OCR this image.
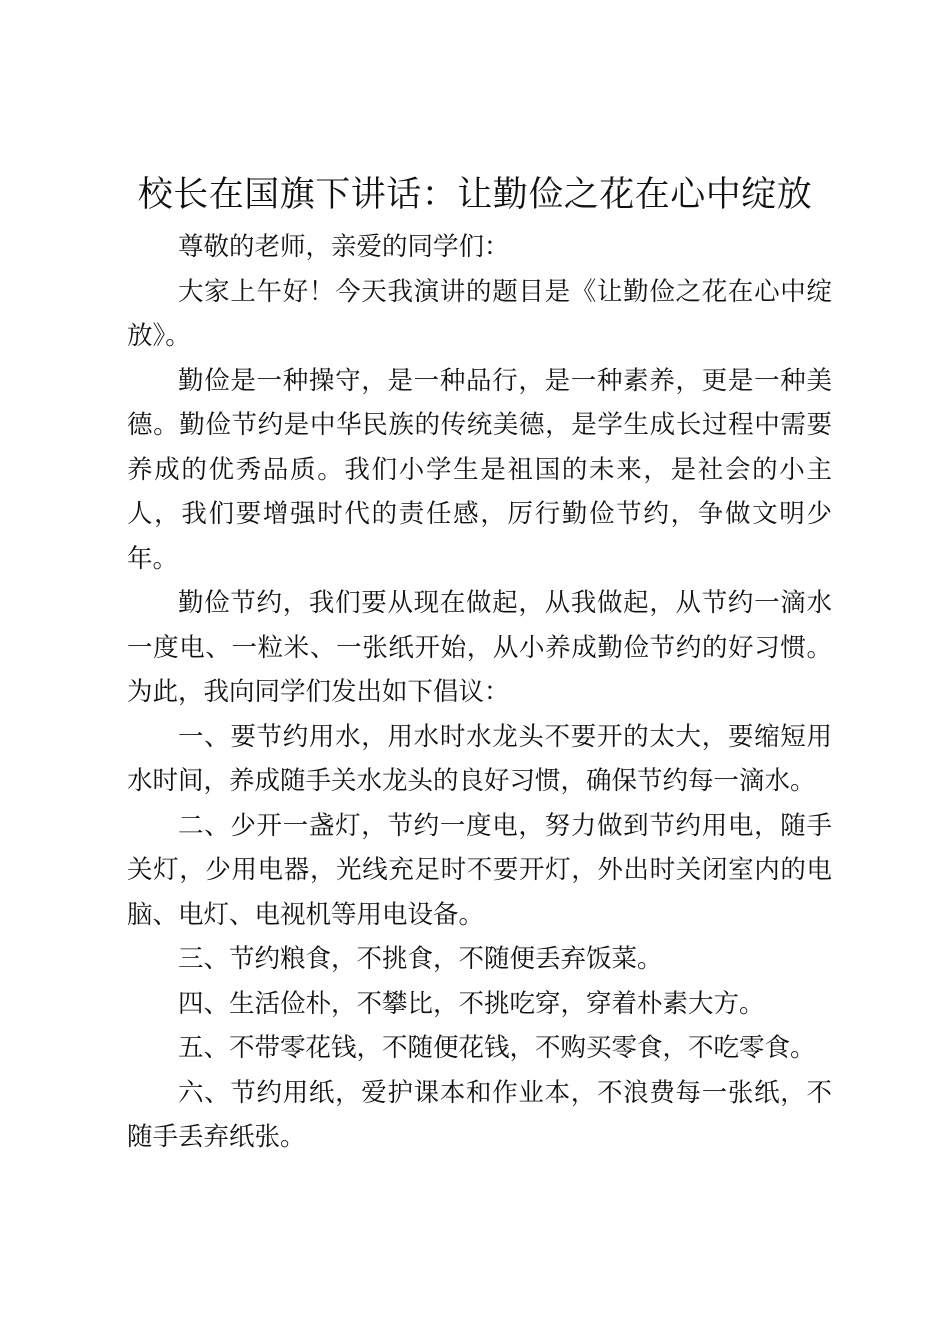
校长在国旗下讲话：让勤俭之花在心中绽放

尊敬的老师，亲爱的同学们：

大家上午好！今天我演讲的题目是《让勤俭之花在心中绽放》。

勤俭是一种操守，是一种品行，是一种素养，更是一种美德。勤俭节约是中华民族的传统美德，是学生成长过程中需要养成的优秀品质。我们小学生是祖国的未来，是社会的小主人，我们要增强时代的责任感，厉行勤俭节约，争做文明少年。

勤俭节约，我们要从现在做起，从我做起，从节约一滴水一度电、一粒米、一张纸开始，从小养成勤俭节约的好习惯。为此，我向同学们发出如下倡议：

一、要节约用水，用水时水龙头不要开的太大，要缩短用水时间，养成随手关水龙头的良好习惯，确保节约每一滴水。

二、少开一盏灯，节约一度电，努力做到节约用电，随手关灯，少用电器，光线充足时不要开灯，外出时关闭室内的电脑、电灯、电视机等用电设备。

三、节约粮食，不挑食，不随便丢弃饭菜。

四、生活俭朴，不攀比，不挑吃穿，穿着朴素大方。

五、不带零花钱，不随便花钱，不购买零食，不吃零食。

六、节约用纸，爱护课本和作业本，不浪费每一张纸，不随手丢弃纸张。
